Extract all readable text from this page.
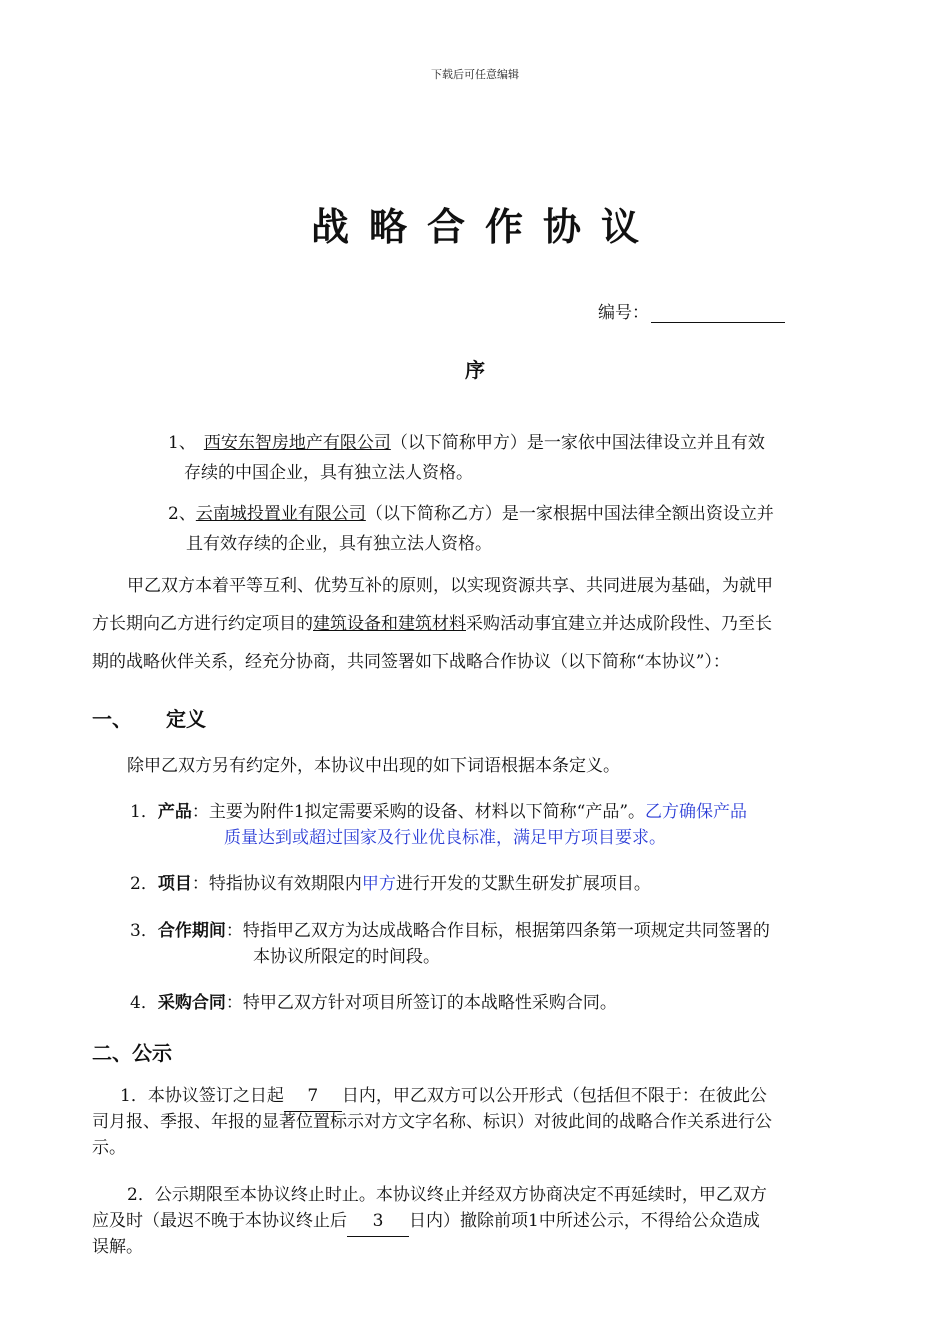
下载后可任意编辑
战略合作协议
编号：
序
1、 西安东智房地产有限公司（以下简称甲方）是一家依中国法律设立并且有效
存续的中国企业，具有独立法人资格。
2、云南城投置业有限公司（以下简称乙方）是一家根据中国法律全额出资设立并
且有效存续的企业，具有独立法人资格。
甲乙双方本着平等互利、优势互补的原则，以实现资源共享、共同进展为基础，为就甲
方长期向乙方进行约定项目的建筑设备和建筑材料采购活动事宜建立并达成阶段性、乃至长
期的战略伙伴关系，经充分协商，共同签署如下战略合作协议（以下简称“本协议”）：
一、 定义
除甲乙双方另有约定外，本协议中出现的如下词语根据本条定义。
1．产品：主要为附件1拟定需要采购的设备、材料以下简称“产品”。乙方确保产品
质量达到或超过国家及行业优良标准，满足甲方项目要求。
2．项目：特指协议有效期限内甲方进行开发的艾默生研发扩展项目。
3．合作期间：特指甲乙双方为达成战略合作目标，根据第四条第一项规定共同签署的
本协议所限定的时间段。
4．采购合同：特甲乙双方针对项目所签订的本战略性采购合同。
二、公示
1．本协议签订之日起 7 日内，甲乙双方可以公开形式（包括但不限于：在彼此公
司月报、季报、年报的显著位置标示对方文字名称、标识）对彼此间的战略合作关系进行公
示。
2．公示期限至本协议终止时止。本协议终止并经双方协商决定不再延续时，甲乙双方
应及时（最迟不晚于本协议终止后 3 日内）撤除前项1中所述公示，不得给公众造成
误解。
